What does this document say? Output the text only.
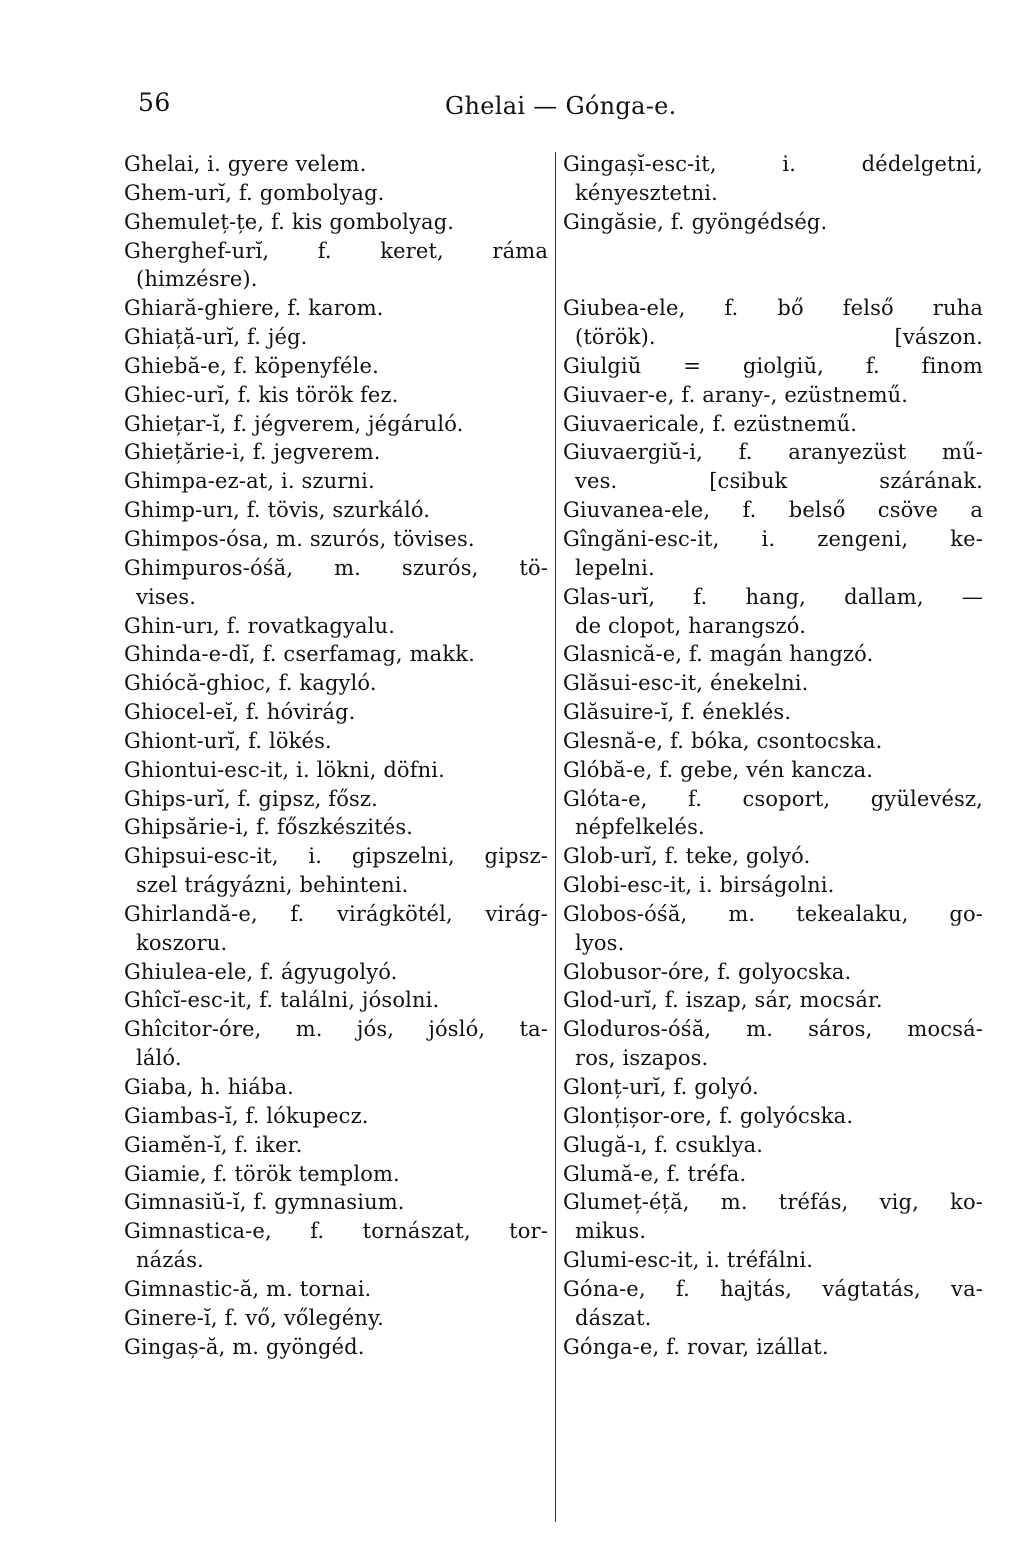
56	Ghelai — Gónga-e.
Ghelai, i. gyere velem.
Ghem-urĭ, f. gombolyag.
Ghemuleț-țe, f. kis gombolyag.
Gherghef-urĭ, f. keret, ráma
(himzésre).
Ghiară-ghiere, f. karom.
Ghiață-urĭ, f. jég.
Ghiebă-e, f. köpenyféle.
Ghiec-urĭ, f. kis török fez.
Ghiețar-ĭ, f. jégverem, jégáruló.
Ghiețărie-i, f. jegverem.
Ghimpa-ez-at, i. szurni.
Ghimp-urı, f. tövis, szurkáló.
Ghimpos-ósa, m. szurós, tövises.
Ghimpuros-óśă, m. szurós, tö-
vises.
Ghin-urı, f. rovatkagyalu.
Ghinda-e-dĭ, f. cserfamag, makk.
Ghiócă-ghioc, f. kagyló.
Ghiocel-eĭ, f. hóvirág.
Ghiont-urĭ, f. lökés.
Ghiontui-esc-it, i. lökni, döfni.
Ghips-urĭ, f. gipsz, fősz.
Ghipsărie-i, f. főszkészités.
Ghipsui-esc-it, i. gipszelni, gipsz-
szel trágyázni, behinteni.
Ghirlandă-e, f. virágkötél, virág-
koszoru.
Ghiulea-ele, f. ágyugolyó.
Ghîcĭ-esc-it, f. találni, jósolni.
Ghîcitor-óre, m. jós, jósló, ta-
láló.
Giaba, h. hiába.
Giambas-ĭ, f. lókupecz.
Giamĕn-ĭ, f. iker.
Giamie, f. török templom.
Gimnasiŭ-ĭ, f. gymnasium.
Gimnastica-e, f. tornászat, tor-
názás.
Gimnastic-ă, m. tornai.
Ginere-ĭ, f. vő, vőlegény.
Gingaș-ă, m. gyöngéd.
Gingașĭ-esc-it, i. dédelgetni,
kényesztetni.
Gingăsie, f. gyöngédség.
Giubea-ele, f. bő felső ruha
(török). [vászon.
Giulgiŭ = giolgiŭ, f. finom
Giuvaer-e, f. arany-, ezüstnemű.
Giuvaericale, f. ezüstnemű.
Giuvaergiŭ-i, f. aranyezüst mű-
ves. [csibuk szárának.
Giuvanea-ele, f. belső csöve a
Gîngăni-esc-it, i. zengeni, ke-
lepelni.
Glas-urĭ, f. hang, dallam, —
de clopot, harangszó.
Glasnică-e, f. magán hangzó.
Glăsui-esc-it, énekelni.
Glăsuire-ĭ, f. éneklés.
Glesnă-e, f. bóka, csontocska.
Glóbă-e, f. gebe, vén kancza.
Glóta-e, f. csoport, gyülevész,
népfelkelés.
Glob-urĭ, f. teke, golyó.
Globi-esc-it, i. birságolni.
Globos-óśă, m. tekealaku, go-
lyos.
Globusor-óre, f. golyocska.
Glod-urĭ, f. iszap, sár, mocsár.
Gloduros-óśă, m. sáros, mocsá-
ros, iszapos.
Glonț-urĭ, f. golyó.
Glonțișor-ore, f. golyócska.
Glugă-ı, f. csuklya.
Glumă-e, f. tréfa.
Glumeț-éță, m. tréfás, vig, ko-
mikus.
Glumi-esc-it, i. tréfálni.
Góna-e, f. hajtás, vágtatás, va-
dászat.
Gónga-e, f. rovar, izállat.
